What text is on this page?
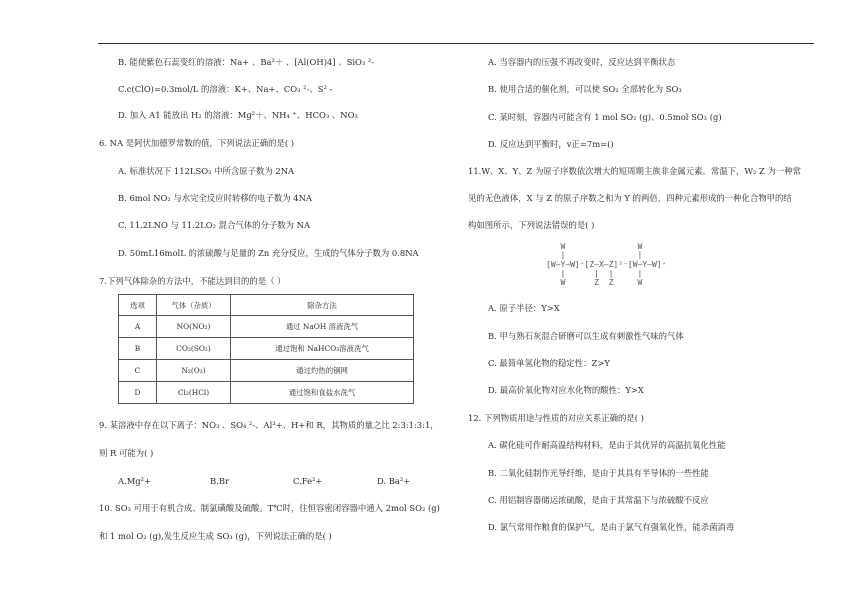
B. 能使紫色石蕊变红的溶液：Na+ 、Ba²＋ 、[Al(OH)4] 、SiO₃ ²-
C.c(ClO)=0.3mol/L 的溶液：K+、Na+、CO₃ ²-、S² -
D. 加入 A1 能放出 H₂ 的溶液：Mg²＋、NH₄ ⁺、HCO₃ 、NO₃
6. NA 是阿伏加德罗常数的值，下列说法正确的是( )
A. 标准状况下 112LSO₃ 中所含原子数为 2NA
B. 6mol NO₂ 与水完全反应时转移的电子数为 4NA
C. 11.2LNO 与 11.2LO₂ 混合气体的分子数为 NA
D. 50mL16molL 的浓硫酸与足量的 Zn 充分反应，生成的气体分子数为 0.8NA
7.下列气体除杂的方法中，不能达到目的的是（ ）
选项	气体（杂质）	除杂方法
A	NO(NO₂)	通过 NaOH 溶液洗气
B	CO₂(SO₂)	通过饱和 NaHCO₃溶液洗气
C	N₂(O₂)	通过灼热的铜网
D	Cl₂(HCl)	通过饱和食盐水洗气
9. 某溶液中存在以下离子：NO₃ 、SO₄ ²-、Al³+、H+和 R，其物质的量之比 2:3:1:3:1，
则 R 可能为( )
A.Mg²+	B.Br	C.Fe²+	D. Ba²+
10. SO₃ 可用于有机合成、制氯磺酸及硫酸。T℃时，往恒容密闭容器中通入 2mol SO₂ (g)
和 1 mol O₂ (g),发生反应生成 SO₃ (g)，下列说法正确的是( )
A. 当容器内的压强不再改变时，反应达到平衡状态
B. 使用合适的催化剂，可以使 SO₂ 全部转化为 SO₃
C. 某时刻，容器内可能含有 1 mol SO₂ (g)、0.5mol SO₃ (g)
D. 反应达到平衡时，v正=7m=()
11.W、X、Y、Z 为原子序数依次增大的短周期主族非金属元素。常温下，W₂ Z 为一种常
见的无色液体，X 与 Z 的原子序数之和为 Y 的两倍，四种元素形成的一种化合物甲的结
构如图所示，下列说法错误的是( )
W               W
|               |
[W—Y—W]⁺[Z—X—Z]²⁻[W—Y—W]⁺
|      |  |     |
W      Z  Z     W
A. 原子半径：Y>X
B. 甲与熟石灰混合研磨可以生成有刺激性气味的气体
C. 最简单氢化物的稳定性：Z>Y
D. 最高价氧化物对应水化物的酸性：Y>X
12. 下列物质用途与性质的对应关系正确的是( )
A. 碳化硅可作耐高温结构材料，是由于其优异的高温抗氧化性能
B. 二氧化硅制作光导纤维，是由于其具有半导体的一些性能
C. 用铝制容器储运浓硫酸，是由于其常温下与浓硫酸不反应
D. 氯气常用作粮食的保护气，是由于氯气有强氧化性，能杀菌消毒
